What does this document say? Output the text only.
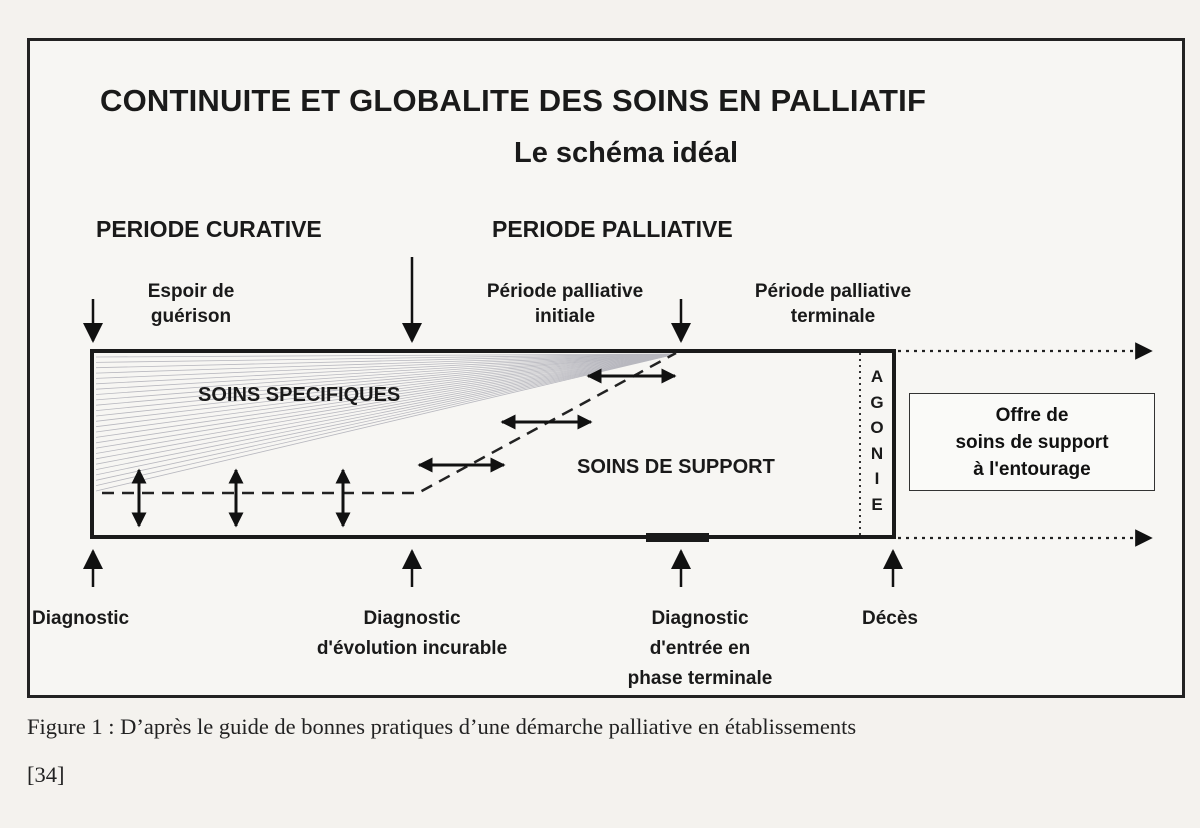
CONTINUITE ET GLOBALITE DES SOINS EN PALLIATIF
Le schéma idéal
PERIODE CURATIVE	PERIODE PALLIATIVE
Espoir de
guérison
Période palliative
initiale
Période palliative
terminale
SOINS SPECIFIQUES
SOINS DE SUPPORT
A
G
O
N
I
E
Offre de
soins de support
à l'entourage
Diagnostic	Diagnostic
d'évolution incurable
Diagnostic
d'entrée en
phase terminale
Décès
Figure 1 : D’après le guide de bonnes pratiques d’une démarche palliative en établissements
[34]
